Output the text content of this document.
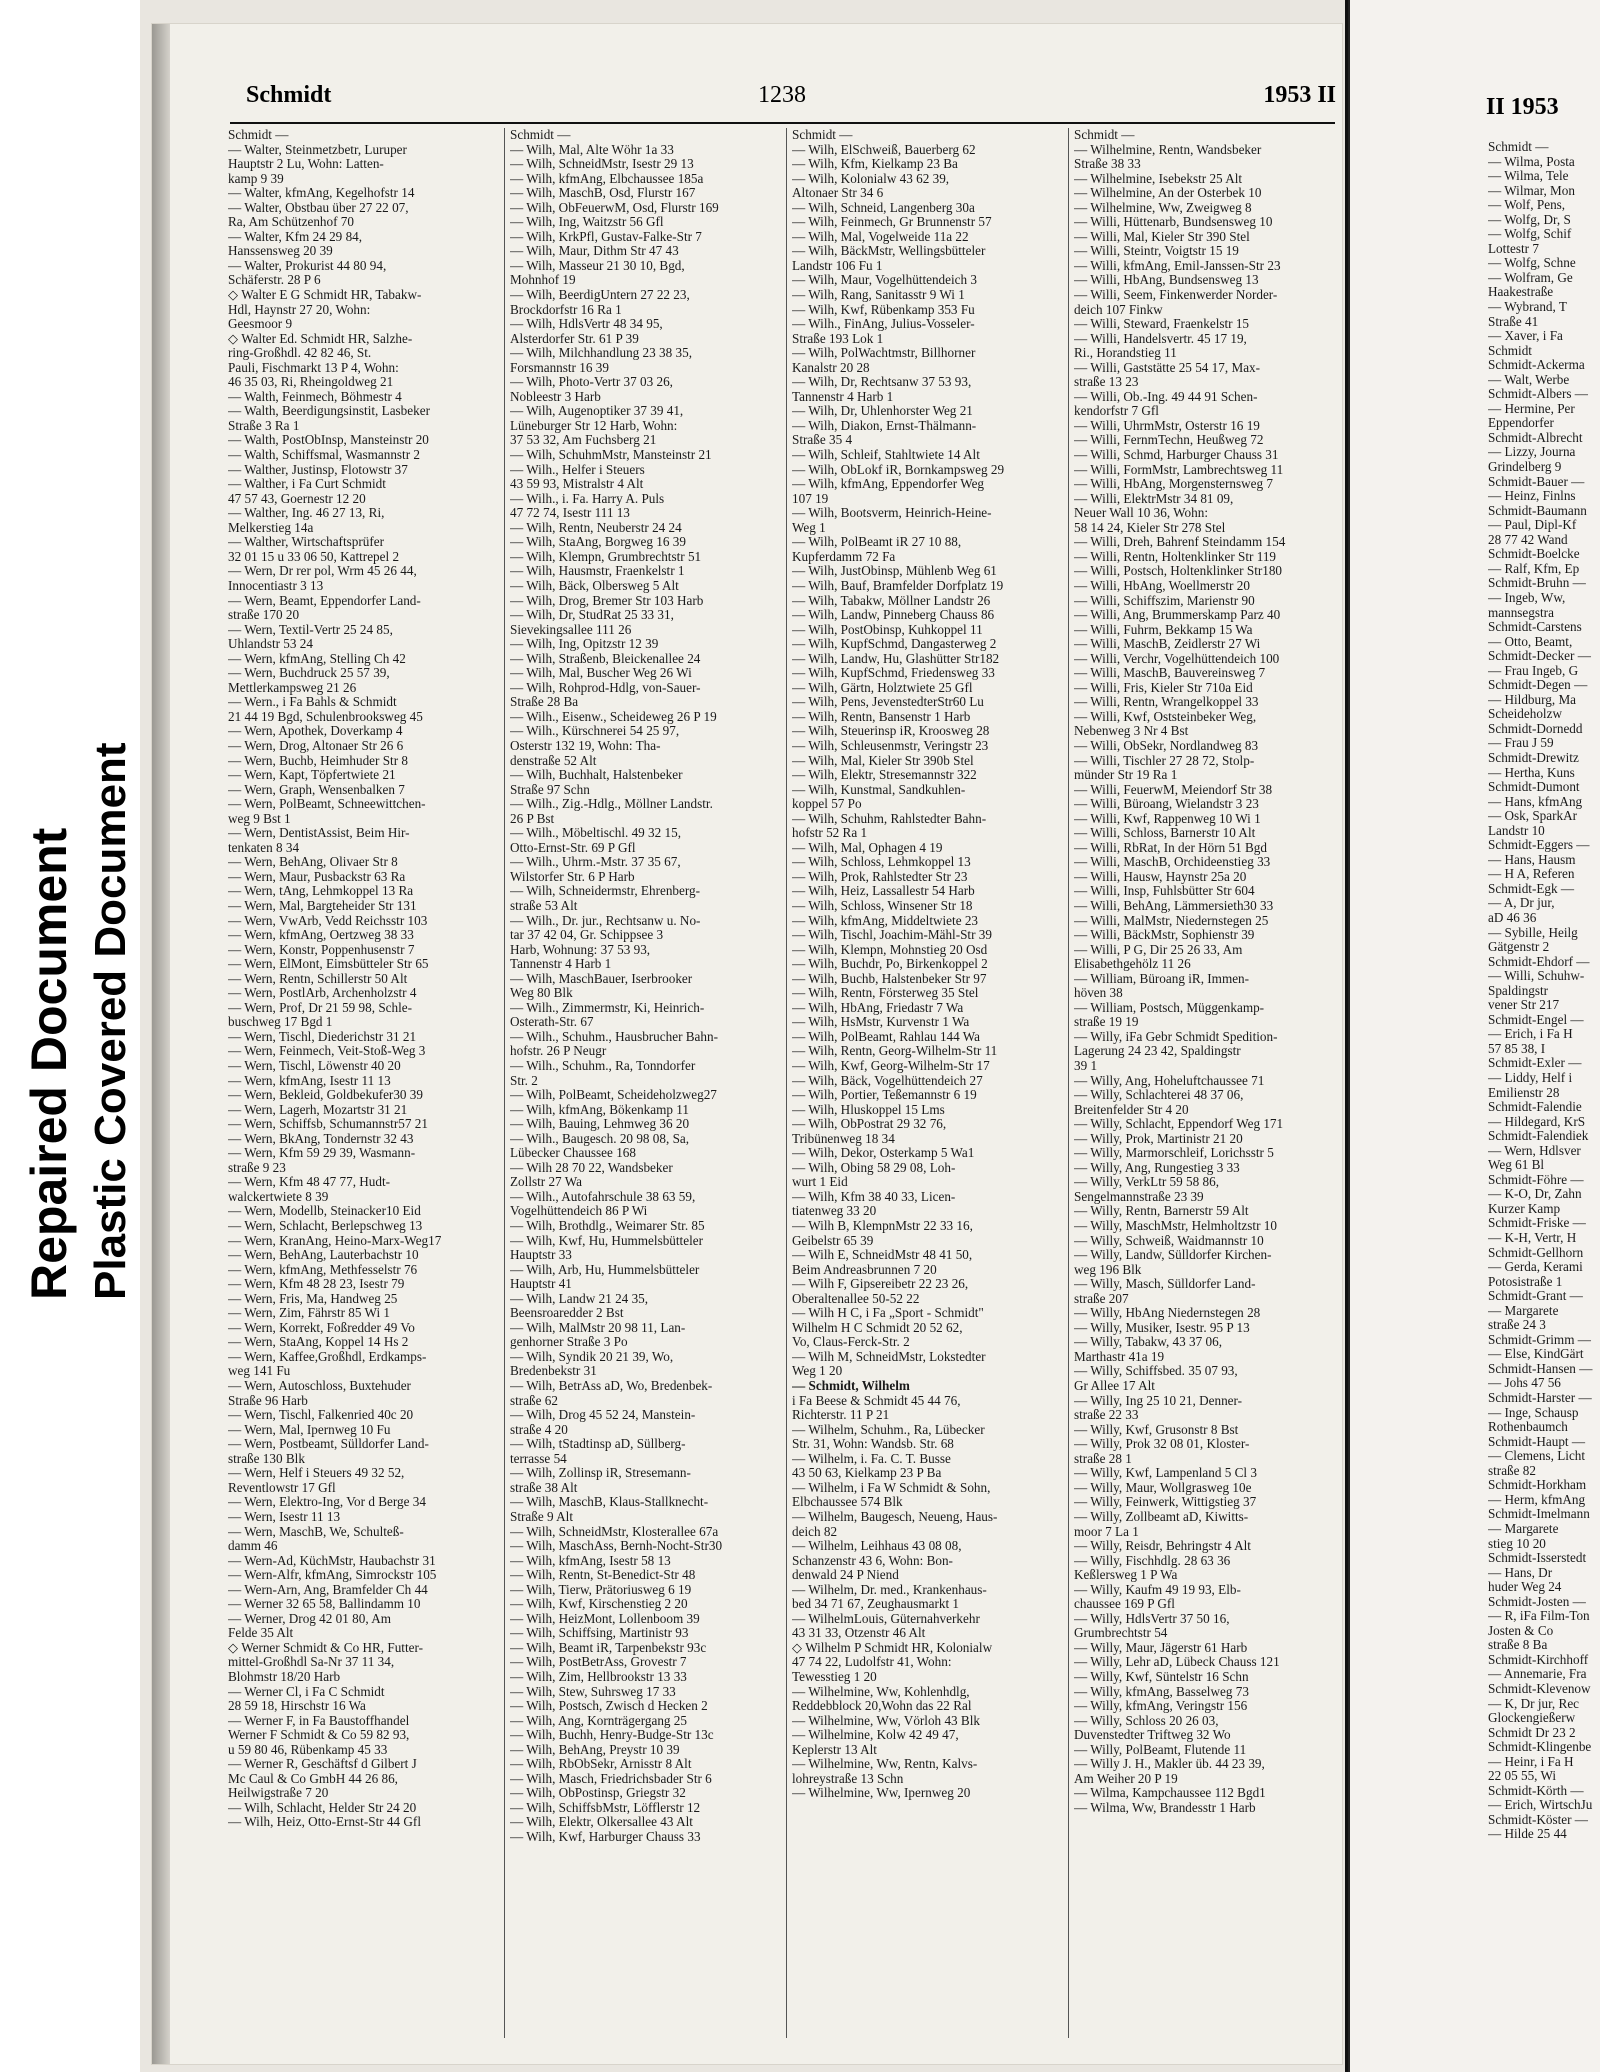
Repaired Document Plastic Covered Document
Schmidt	1238	1953 II
Schmidt —
— Walter, Steinmetzbetr, Luruper
Hauptstr 2 Lu, Wohn: Latten-
kamp 9 39
— Walter, kfmAng, Kegelhofstr 14
— Walter, Obstbau über 27 22 07,
Ra, Am Schützenhof 70
— Walter, Kfm 24 29 84,
Hanssensweg 20 39
— Walter, Prokurist 44 80 94,
Schäferstr. 28 P 6
◇ Walter E G Schmidt HR, Tabakw-
Hdl, Haynstr 27 20, Wohn:
Geesmoor 9
◇ Walter Ed. Schmidt HR, Salzhe-
ring-Großhdl. 42 82 46, St.
Pauli, Fischmarkt 13 P 4, Wohn:
46 35 03, Ri, Rheingoldweg 21
— Walth, Feinmech, Böhmestr 4
— Walth, Beerdigungsinstit, Lasbeker
Straße 3 Ra 1
— Walth, PostObInsp, Mansteinstr 20
— Walth, Schiffsmal, Wasmannstr 2
— Walther, Justinsp, Flotowstr 37
— Walther, i Fa Curt Schmidt
47 57 43, Goernestr 12 20
— Walther, Ing. 46 27 13, Ri,
Melkerstieg 14a
— Walther, Wirtschaftsprüfer
32 01 15 u 33 06 50, Kattrepel 2
— Wern, Dr rer pol, Wrm 45 26 44,
Innocentiastr 3 13
— Wern, Beamt, Eppendorfer Land-
straße 170 20
— Wern, Textil-Vertr 25 24 85,
Uhlandstr 53 24
— Wern, kfmAng, Stelling Ch 42
— Wern, Buchdruck 25 57 39,
Mettlerkampsweg 21 26
— Wern., i Fa Bahls & Schmidt
21 44 19 Bgd, Schulenbrooksweg 45
— Wern, Apothek, Doverkamp 4
— Wern, Drog, Altonaer Str 26 6
— Wern, Buchb, Heimhuder Str 8
— Wern, Kapt, Töpfertwiete 21
— Wern, Graph, Wensenbalken 7
— Wern, PolBeamt, Schneewittchen-
weg 9 Bst 1
— Wern, DentistAssist, Beim Hir-
tenkaten 8 34
— Wern, BehAng, Olivaer Str 8
— Wern, Maur, Pusbackstr 63 Ra
— Wern, tAng, Lehmkoppel 13 Ra
— Wern, Mal, Bargteheider Str 131
— Wern, VwArb, Vedd Reichsstr 103
— Wern, kfmAng, Oertzweg 38 33
— Wern, Konstr, Poppenhusenstr 7
— Wern, ElMont, Eimsbütteler Str 65
— Wern, Rentn, Schillerstr 50 Alt
— Wern, PostlArb, Archenholzstr 4
— Wern, Prof, Dr 21 59 98, Schle-
buschweg 17 Bgd 1
— Wern, Tischl, Diederichstr 31 21
— Wern, Feinmech, Veit-Stoß-Weg 3
— Wern, Tischl, Löwenstr 40 20
— Wern, kfmAng, Isestr 11 13
— Wern, Bekleid, Goldbekufer30 39
— Wern, Lagerh, Mozartstr 31 21
— Wern, Schiffsb, Schumannstr57 21
— Wern, BkAng, Tondernstr 32 43
— Wern, Kfm 59 29 39, Wasmann-
straße 9 23
— Wern, Kfm 48 47 77, Hudt-
walckertwiete 8 39
— Wern, Modellb, Steinacker10 Eid
— Wern, Schlacht, Berlepschweg 13
— Wern, KranAng, Heino-Marx-Weg17
— Wern, BehAng, Lauterbachstr 10
— Wern, kfmAng, Methfesselstr 76
— Wern, Kfm 48 28 23, Isestr 79
— Wern, Fris, Ma, Handweg 25
— Wern, Zim, Fährstr 85 Wi 1
— Wern, Korrekt, Foßredder 49 Vo
— Wern, StaAng, Koppel 14 Hs 2
— Wern, Kaffee,Großhdl, Erdkamps-
weg 141 Fu
— Wern, Autoschloss, Buxtehuder
Straße 96 Harb
— Wern, Tischl, Falkenried 40c 20
— Wern, Mal, Ipernweg 10 Fu
— Wern, Postbeamt, Sülldorfer Land-
straße 130 Blk
— Wern, Helf i Steuers 49 32 52,
Reventlowstr 17 Gfl
— Wern, Elektro-Ing, Vor d Berge 34
— Wern, Isestr 11 13
— Wern, MaschB, We, Schulteß-
damm 46
— Wern-Ad, KüchMstr, Haubachstr 31
— Wern-Alfr, kfmAng, Simrockstr 105
— Wern-Arn, Ang, Bramfelder Ch 44
— Werner 32 65 58, Ballindamm 10
— Werner, Drog 42 01 80, Am
Felde 35 Alt
◇ Werner Schmidt & Co HR, Futter-
mittel-Großhdl Sa-Nr 37 11 34,
Blohmstr 18/20 Harb
— Werner Cl, i Fa C Schmidt
28 59 18, Hirschstr 16 Wa
— Werner F, in Fa Baustoffhandel
Werner F Schmidt & Co 59 82 93,
u 59 80 46, Rübenkamp 45 33
— Werner R, Geschäftsf d Gilbert J
Mc Caul & Co GmbH 44 26 86,
Heilwigstraße 7 20
— Wilh, Schlacht, Helder Str 24 20
— Wilh, Heiz, Otto-Ernst-Str 44 Gfl
Schmidt —
— Wilh, Mal, Alte Wöhr 1a 33
— Wilh, SchneidMstr, Isestr 29 13
— Wilh, kfmAng, Elbchaussee 185a
— Wilh, MaschB, Osd, Flurstr 167
— Wilh, ObFeuerwM, Osd, Flurstr 169
— Wilh, Ing, Waitzstr 56 Gfl
— Wilh, KrkPfl, Gustav-Falke-Str 7
— Wilh, Maur, Dithm Str 47 43
— Wilh, Masseur 21 30 10, Bgd,
Mohnhof 19
— Wilh, BeerdigUntern 27 22 23,
Brockdorfstr 16 Ra 1
— Wilh, HdlsVertr 48 34 95,
Alsterdorfer Str. 61 P 39
— Wilh, Milchhandlung 23 38 35,
Forsmannstr 16 39
— Wilh, Photo-Vertr 37 03 26,
Nobleestr 3 Harb
— Wilh, Augenoptiker 37 39 41,
Lüneburger Str 12 Harb, Wohn:
37 53 32, Am Fuchsberg 21
— Wilh, SchuhmMstr, Mansteinstr 21
— Wilh., Helfer i Steuers
43 59 93, Mistralstr 4 Alt
— Wilh., i. Fa. Harry A. Puls
47 72 74, Isestr 111 13
— Wilh, Rentn, Neuberstr 24 24
— Wilh, StaAng, Borgweg 16 39
— Wilh, Klempn, Grumbrechtstr 51
— Wilh, Hausmstr, Fraenkelstr 1
— Wilh, Bäck, Olbersweg 5 Alt
— Wilh, Drog, Bremer Str 103 Harb
— Wilh, Dr, StudRat 25 33 31,
Sievekingsallee 111 26
— Wilh, Ing, Opitzstr 12 39
— Wilh, Straßenb, Bleickenallee 24
— Wilh, Mal, Buscher Weg 26 Wi
— Wilh, Rohprod-Hdlg, von-Sauer-
Straße 28 Ba
— Wilh., Eisenw., Scheideweg 26 P 19
— Wilh., Kürschnerei 54 25 97,
Osterstr 132 19, Wohn: Tha-
denstraße 52 Alt
— Wilh, Buchhalt, Halstenbeker
Straße 97 Schn
— Wilh., Zig.-Hdlg., Möllner Landstr.
26 P Bst
— Wilh., Möbeltischl. 49 32 15,
Otto-Ernst-Str. 69 P Gfl
— Wilh., Uhrm.-Mstr. 37 35 67,
Wilstorfer Str. 6 P Harb
— Wilh, Schneidermstr, Ehrenberg-
straße 53 Alt
— Wilh., Dr. jur., Rechtsanw u. No-
tar 37 42 04, Gr. Schippsee 3
Harb, Wohnung: 37 53 93,
Tannenstr 4 Harb 1
— Wilh, MaschBauer, Iserbrooker
Weg 80 Blk
— Wilh., Zimmermstr, Ki, Heinrich-
Osterath-Str. 67
— Wilh., Schuhm., Hausbrucher Bahn-
hofstr. 26 P Neugr
— Wilh., Schuhm., Ra, Tonndorfer
Str. 2
— Wilh, PolBeamt, Scheideholzweg27
— Wilh, kfmAng, Bökenkamp 11
— Wilh, Bauing, Lehmweg 36 20
— Wilh., Baugesch. 20 98 08, Sa,
Lübecker Chaussee 168
— Wilh 28 70 22, Wandsbeker
Zollstr 27 Wa
— Wilh., Autofahrschule 38 63 59,
Vogelhüttendeich 86 P Wi
— Wilh, Brothdlg., Weimarer Str. 85
— Wilh, Kwf, Hu, Hummelsbütteler
Hauptstr 33
— Wilh, Arb, Hu, Hummelsbütteler
Hauptstr 41
— Wilh, Landw 21 24 35,
Beensroaredder 2 Bst
— Wilh, MalMstr 20 98 11, Lan-
genhorner Straße 3 Po
— Wilh, Syndik 20 21 39, Wo,
Bredenbekstr 31
— Wilh, BetrAss aD, Wo, Bredenbek-
straße 62
— Wilh, Drog 45 52 24, Manstein-
straße 4 20
— Wilh, tStadtinsp aD, Süllberg-
terrasse 54
— Wilh, Zollinsp iR, Stresemann-
straße 38 Alt
— Wilh, MaschB, Klaus-Stallknecht-
Straße 9 Alt
— Wilh, SchneidMstr, Klosterallee 67a
— Wilh, MaschAss, Bernh-Nocht-Str30
— Wilh, kfmAng, Isestr 58 13
— Wilh, Rentn, St-Benedict-Str 48
— Wilh, Tierw, Prätoriusweg 6 19
— Wilh, Kwf, Kirschenstieg 2 20
— Wilh, HeizMont, Lollenboom 39
— Wilh, Schiffsing, Martinistr 93
— Wilh, Beamt iR, Tarpenbekstr 93c
— Wilh, PostBetrAss, Grovestr 7
— Wilh, Zim, Hellbrookstr 13 33
— Wilh, Stew, Suhrsweg 17 33
— Wilh, Postsch, Zwisch d Hecken 2
— Wilh, Ang, Kornträgergang 25
— Wilh, Buchh, Henry-Budge-Str 13c
— Wilh, BehAng, Preystr 10 39
— Wilh, RbObSekr, Arnisstr 8 Alt
— Wilh, Masch, Friedrichsbader Str 6
— Wilh, ObPostinsp, Griegstr 32
— Wilh, SchiffsbMstr, Löfflerstr 12
— Wilh, Elektr, Olkersallee 43 Alt
— Wilh, Kwf, Harburger Chauss 33
Schmidt —
— Wilh, ElSchweiß, Bauerberg 62
— Wilh, Kfm, Kielkamp 23 Ba
— Wilh, Kolonialw 43 62 39,
Altonaer Str 34 6
— Wilh, Schneid, Langenberg 30a
— Wilh, Feinmech, Gr Brunnenstr 57
— Wilh, Mal, Vogelweide 11a 22
— Wilh, BäckMstr, Wellingsbütteler
Landstr 106 Fu 1
— Wilh, Maur, Vogelhüttendeich 3
— Wilh, Rang, Sanitasstr 9 Wi 1
— Wilh, Kwf, Rübenkamp 353 Fu
— Wilh., FinAng, Julius-Vosseler-
Straße 193 Lok 1
— Wilh, PolWachtmstr, Billhorner
Kanalstr 20 28
— Wilh, Dr, Rechtsanw 37 53 93,
Tannenstr 4 Harb 1
— Wilh, Dr, Uhlenhorster Weg 21
— Wilh, Diakon, Ernst-Thälmann-
Straße 35 4
— Wilh, Schleif, Stahltwiete 14 Alt
— Wilh, ObLokf iR, Bornkampsweg 29
— Wilh, kfmAng, Eppendorfer Weg
107 19
— Wilh, Bootsverm, Heinrich-Heine-
Weg 1
— Wilh, PolBeamt iR 27 10 88,
Kupferdamm 72 Fa
— Wilh, JustObinsp, Mühlenb Weg 61
— Wilh, Bauf, Bramfelder Dorfplatz 19
— Wilh, Tabakw, Möllner Landstr 26
— Wilh, Landw, Pinneberg Chauss 86
— Wilh, PostObinsp, Kuhkoppel 11
— Wilh, KupfSchmd, Dangasterweg 2
— Wilh, Landw, Hu, Glashütter Str182
— Wilh, KupfSchmd, Friedensweg 33
— Wilh, Gärtn, Holztwiete 25 Gfl
— Wilh, Pens, JevenstedterStr60 Lu
— Wilh, Rentn, Bansenstr 1 Harb
— Wilh, Steuerinsp iR, Kroosweg 28
— Wilh, Schleusenmstr, Veringstr 23
— Wilh, Mal, Kieler Str 390b Stel
— Wilh, Elektr, Stresemannstr 322
— Wilh, Kunstmal, Sandkuhlen-
koppel 57 Po
— Wilh, Schuhm, Rahlstedter Bahn-
hofstr 52 Ra 1
— Wilh, Mal, Ophagen 4 19
— Wilh, Schloss, Lehmkoppel 13
— Wilh, Prok, Rahlstedter Str 23
— Wilh, Heiz, Lassallestr 54 Harb
— Wilh, Schloss, Winsener Str 18
— Wilh, kfmAng, Middeltwiete 23
— Wilh, Tischl, Joachim-Mähl-Str 39
— Wilh, Klempn, Mohnstieg 20 Osd
— Wilh, Buchdr, Po, Birkenkoppel 2
— Wilh, Buchb, Halstenbeker Str 97
— Wilh, Rentn, Försterweg 35 Stel
— Wilh, HbAng, Friedastr 7 Wa
— Wilh, HsMstr, Kurvenstr 1 Wa
— Wilh, PolBeamt, Rahlau 144 Wa
— Wilh, Rentn, Georg-Wilhelm-Str 11
— Wilh, Kwf, Georg-Wilhelm-Str 17
— Wilh, Bäck, Vogelhüttendeich 27
— Wilh, Portier, Teßemannstr 6 19
— Wilh, Hluskoppel 15 Lms
— Wilh, ObPostrat 29 32 76,
Tribünenweg 18 34
— Wilh, Dekor, Osterkamp 5 Wa1
— Wilh, Obing 58 29 08, Loh-
wurt 1 Eid
— Wilh, Kfm 38 40 33, Licen-
tiatenweg 33 20
— Wilh B, KlempnMstr 22 33 16,
Geibelstr 65 39
— Wilh E, SchneidMstr 48 41 50,
Beim Andreasbrunnen 7 20
— Wilh F, Gipsereibetr 22 23 26,
Oberaltenallee 50-52 22
— Wilh H C, i Fa „Sport - Schmidt"
Wilhelm H C Schmidt 20 52 62,
Vo, Claus-Ferck-Str. 2
— Wilh M, SchneidMstr, Lokstedter
Weg 1 20
— Schmidt, Wilhelm
i Fa Beese & Schmidt 45 44 76,
Richterstr. 11 P 21
— Wilhelm, Schuhm., Ra, Lübecker
Str. 31, Wohn: Wandsb. Str. 68
— Wilhelm, i. Fa. C. T. Busse
43 50 63, Kielkamp 23 P Ba
— Wilhelm, i Fa W Schmidt & Sohn,
Elbchaussee 574 Blk
— Wilhelm, Baugesch, Neueng, Haus-
deich 82
— Wilhelm, Leihhaus 43 08 08,
Schanzenstr 43 6, Wohn: Bon-
denwald 24 P Niend
— Wilhelm, Dr. med., Krankenhaus-
bed 34 71 67, Zeughausmarkt 1
— WilhelmLouis, Güternahverkehr
43 31 33, Otzenstr 46 Alt
◇ Wilhelm P Schmidt HR, Kolonialw
47 74 22, Ludolfstr 41, Wohn:
Tewesstieg 1 20
— Wilhelmine, Ww, Kohlenhdlg,
Reddebblock 20,Wohn das 22 Ral
— Wilhelmine, Ww, Vörloh 43 Blk
— Wilhelmine, Kolw 42 49 47,
Keplerstr 13 Alt
— Wilhelmine, Ww, Rentn, Kalvs-
lohreystraße 13 Schn
— Wilhelmine, Ww, Ipernweg 20
Schmidt —
— Wilhelmine, Rentn, Wandsbeker
Straße 38 33
— Wilhelmine, Isebekstr 25 Alt
— Wilhelmine, An der Osterbek 10
— Wilhelmine, Ww, Zweigweg 8
— Willi, Hüttenarb, Bundsensweg 10
— Willi, Mal, Kieler Str 390 Stel
— Willi, Steintr, Voigtstr 15 19
— Willi, kfmAng, Emil-Janssen-Str 23
— Willi, HbAng, Bundsensweg 13
— Willi, Seem, Finkenwerder Norder-
deich 107 Finkw
— Willi, Steward, Fraenkelstr 15
— Willi, Handelsvertr. 45 17 19,
Ri., Horandstieg 11
— Willi, Gaststätte 25 54 17, Max-
straße 13 23
— Willi, Ob.-Ing. 49 44 91 Schen-
kendorfstr 7 Gfl
— Willi, UhrmMstr, Osterstr 16 19
— Willi, FernmTechn, Heußweg 72
— Willi, Schmd, Harburger Chauss 31
— Willi, FormMstr, Lambrechtsweg 11
— Willi, HbAng, Morgensternsweg 7
— Willi, ElektrMstr 34 81 09,
Neuer Wall 10 36, Wohn:
58 14 24, Kieler Str 278 Stel
— Willi, Dreh, Bahrenf Steindamm 154
— Willi, Rentn, Holtenklinker Str 119
— Willi, Postsch, Holtenklinker Str180
— Willi, HbAng, Woellmerstr 20
— Willi, Schiffszim, Marienstr 90
— Willi, Ang, Brummerskamp Parz 40
— Willi, Fuhrm, Bekkamp 15 Wa
— Willi, MaschB, Zeidlerstr 27 Wi
— Willi, Verchr, Vogelhüttendeich 100
— Willi, MaschB, Bauvereinsweg 7
— Willi, Fris, Kieler Str 710a Eid
— Willi, Rentn, Wrangelkoppel 33
— Willi, Kwf, Oststeinbeker Weg,
Nebenweg 3 Nr 4 Bst
— Willi, ObSekr, Nordlandweg 83
— Willi, Tischler 27 28 72, Stolp-
münder Str 19 Ra 1
— Willi, FeuerwM, Meiendorf Str 38
— Willi, Büroang, Wielandstr 3 23
— Willi, Kwf, Rappenweg 10 Wi 1
— Willi, Schloss, Barnerstr 10 Alt
— Willi, RbRat, In der Hörn 51 Bgd
— Willi, MaschB, Orchideenstieg 33
— Willi, Hausw, Haynstr 25a 20
— Willi, Insp, Fuhlsbütter Str 604
— Willi, BehAng, Lämmersieth30 33
— Willi, MalMstr, Niedernstegen 25
— Willi, BäckMstr, Sophienstr 39
— Willi, P G, Dir 25 26 33, Am
Elisabethgehölz 11 26
— William, Büroang iR, Immen-
höven 38
— William, Postsch, Müggenkamp-
straße 19 19
— Willy, iFa Gebr Schmidt Spedition-
Lagerung 24 23 42, Spaldingstr
39 1
— Willy, Ang, Hoheluftchaussee 71
— Willy, Schlachterei 48 37 06,
Breitenfelder Str 4 20
— Willy, Schlacht, Eppendorf Weg 171
— Willy, Prok, Martinistr 21 20
— Willy, Marmorschleif, Lorichsstr 5
— Willy, Ang, Rungestieg 3 33
— Willy, VerkLtr 59 58 86,
Sengelmannstraße 23 39
— Willy, Rentn, Barnerstr 59 Alt
— Willy, MaschMstr, Helmholtzstr 10
— Willy, Schweiß, Waidmannstr 10
— Willy, Landw, Sülldorfer Kirchen-
weg 196 Blk
— Willy, Masch, Sülldorfer Land-
straße 207
— Willy, HbAng Niedernstegen 28
— Willy, Musiker, Isestr. 95 P 13
— Willy, Tabakw, 43 37 06,
Marthastr 41a 19
— Willy, Schiffsbed. 35 07 93,
Gr Allee 17 Alt
— Willy, Ing 25 10 21, Denner-
straße 22 33
— Willy, Kwf, Grusonstr 8 Bst
— Willy, Prok 32 08 01, Kloster-
straße 28 1
— Willy, Kwf, Lampenland 5 Cl 3
— Willy, Maur, Wollgrasweg 10e
— Willy, Feinwerk, Wittigstieg 37
— Willy, Zollbeamt aD, Kiwitts-
moor 7 La 1
— Willy, Reisdr, Behringstr 4 Alt
— Willy, Fischhdlg. 28 63 36
Keßlersweg 1 P Wa
— Willy, Kaufm 49 19 93, Elb-
chaussee 169 P Gfl
— Willy, HdlsVertr 37 50 16,
Grumbrechtstr 54
— Willy, Maur, Jägerstr 61 Harb
— Willy, Lehr aD, Lübeck Chauss 121
— Willy, Kwf, Süntelstr 16 Schn
— Willy, kfmAng, Basselweg 73
— Willy, kfmAng, Veringstr 156
— Willy, Schloss 20 26 03,
Duvenstedter Triftweg 32 Wo
— Willy, PolBeamt, Flutende 11
— Willy J. H., Makler üb. 44 23 39,
Am Weiher 20 P 19
— Wilma, Kampchaussee 112 Bgd1
— Wilma, Ww, Brandesstr 1 Harb
II 1953
Schmidt —
— Wilma, Posta
— Wilma, Tele
— Wilmar, Mon
— Wolf, Pens,
— Wolfg, Dr, S
— Wolfg, Schif
Lottestr 7
— Wolfg, Schne
— Wolfram, Ge
Haakestraße
— Wybrand, T
Straße 41
— Xaver, i Fa
Schmidt
Schmidt-Ackerma
— Walt, Werbe
Schmidt-Albers —
— Hermine, Per
Eppendorfer
Schmidt-Albrecht
— Lizzy, Journa
Grindelberg 9
Schmidt-Bauer —
— Heinz, Finlns
Schmidt-Baumann
— Paul, Dipl-Kf
28 77 42 Wand
Schmidt-Boelcke
— Ralf, Kfm, Ep
Schmidt-Bruhn —
— Ingeb, Ww,
mannsegstra
Schmidt-Carstens
— Otto, Beamt,
Schmidt-Decker —
— Frau Ingeb, G
Schmidt-Degen —
— Hildburg, Ma
Scheideholzw
Schmidt-Dornedd
— Frau J 59
Schmidt-Drewitz
— Hertha, Kuns
Schmidt-Dumont
— Hans, kfmAng
— Osk, SparkAr
Landstr 10
Schmidt-Eggers —
— Hans, Hausm
— H A, Referen
Schmidt-Egk —
— A, Dr jur,
aD 46 36
— Sybille, Heilg
Gätgenstr 2
Schmidt-Ehdorf —
— Willi, Schuhw-
Spaldingstr
vener Str 217
Schmidt-Engel —
— Erich, i Fa H
57 85 38, I
Schmidt-Exler —
— Liddy, Helf i
Emilienstr 28
Schmidt-Falendie
— Hildegard, KrS
Schmidt-Falendiek
— Wern, Hdlsver
Weg 61 Bl
Schmidt-Föhre —
— K-O, Dr, Zahn
Kurzer Kamp
Schmidt-Friske —
— K-H, Vertr, H
Schmidt-Gellhorn
— Gerda, Kerami
Potosistraße 1
Schmidt-Grant —
— Margarete
straße 24 3
Schmidt-Grimm —
— Else, KindGärt
Schmidt-Hansen —
— Johs 47 56
Schmidt-Harster —
— Inge, Schausp
Rothenbaumch
Schmidt-Haupt —
— Clemens, Licht
straße 82
Schmidt-Horkham
— Herm, kfmAng
Schmidt-Imelmann
— Margarete
stieg 10 20
Schmidt-Isserstedt
— Hans, Dr
huder Weg 24
Schmidt-Josten —
— R, iFa Film-Ton
Josten & Co
straße 8 Ba
Schmidt-Kirchhoff
— Annemarie, Fra
Schmidt-Klevenow
— K, Dr jur, Rec
Glockengießerw
Schmidt Dr 23 2
Schmidt-Klingenbe
— Heinr, i Fa H
22 05 55, Wi
Schmidt-Körth —
— Erich, WirtschJu
Schmidt-Köster —
— Hilde 25 44
